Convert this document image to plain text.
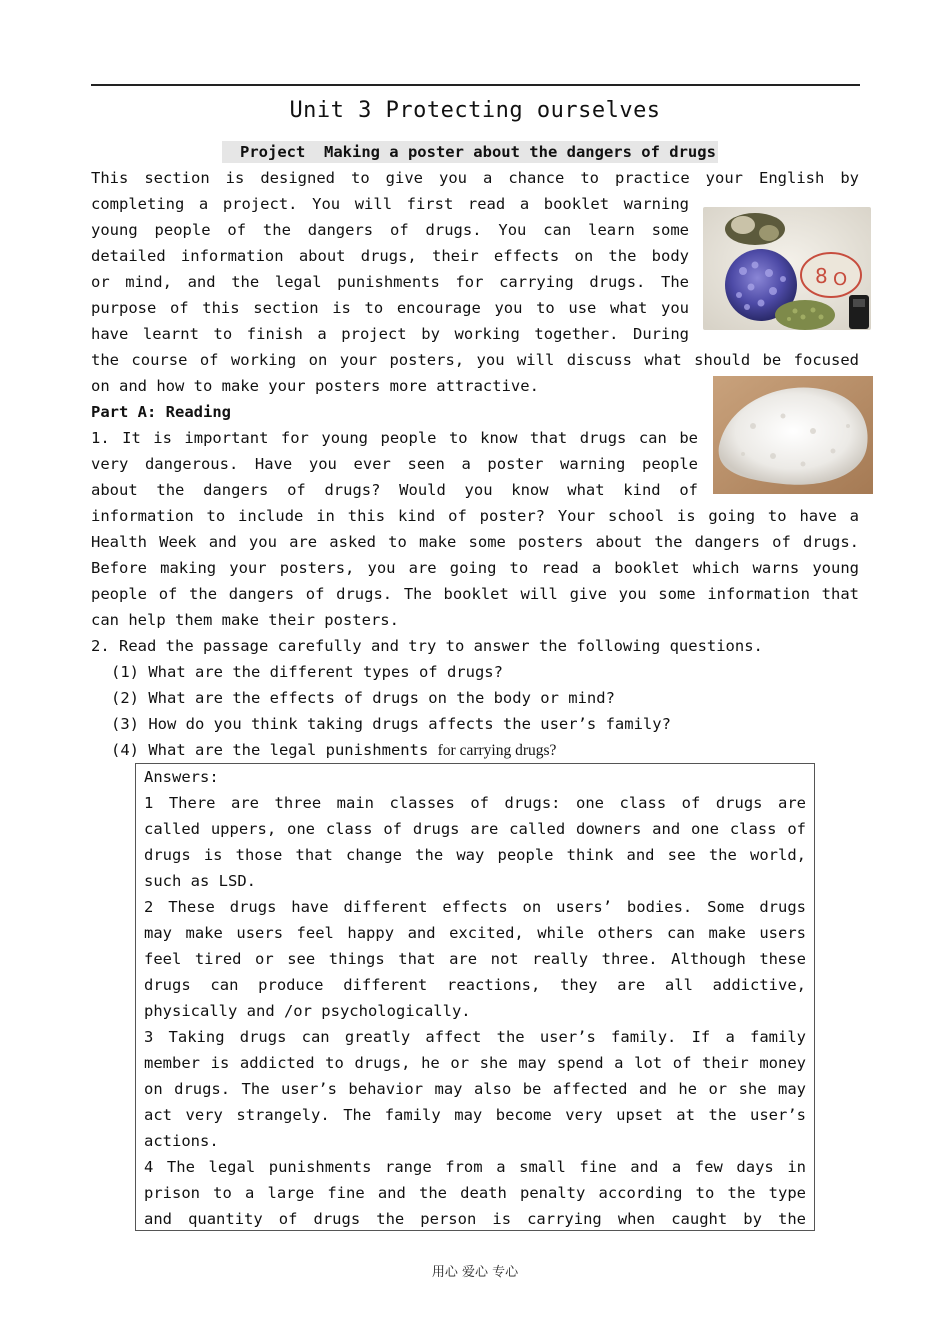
Unit 3 Protecting ourselves
Project  Making a poster about the dangers of drugs
This section is designed to give you a chance to practice your English by
completing a project. You will first read a booklet warning
young people of the dangers of drugs. You can learn some
detailed information about drugs, their effects on the body
or mind, and the legal punishments for carrying drugs. The
purpose of this section is to encourage you to use what you
have learnt to finish a project by working together. During
the course of working on your posters, you will discuss what should be focused
on and how to make your posters more attractive.
8 O
Part A: Reading
1. It is important for young people to know that drugs can be
very dangerous. Have you ever seen a poster warning people
about the dangers of drugs? Would you know what kind of
information to include in this kind of poster? Your school is going to have a
Health Week and you are asked to make some posters about the dangers of drugs.
Before making your posters, you are going to read a booklet which warns young
people of the dangers of drugs. The booklet will give you some information that
can help them make their posters.
2. Read the passage carefully and try to answer the following questions.
(1) What are the different types of drugs?
(2) What are the effects of drugs on the body or mind?
(3) How do you think taking drugs affects the user’s family?
(4) What are the legal punishments for carrying drugs?
Answers:
1 There are three main classes of drugs: one class of drugs are
called uppers, one class of drugs are called downers and one class of
drugs is those that change the way people think and see the world,
such as LSD.
2 These drugs have different effects on users’ bodies. Some drugs
may make users feel happy and excited, while others can make users
feel tired or see things that are not really three. Although these
drugs can produce different reactions, they are all addictive,
physically and /or psychologically.
3 Taking drugs can greatly affect the user’s family. If a family
member is addicted to drugs, he or she may spend a lot of their money
on drugs. The user’s behavior may also be affected and he or she may
act very strangely. The family may become very upset at the user’s
actions.
4 The legal punishments range from a small fine and a few days in
prison to a large fine and the death penalty according to the type
and quantity of drugs the person is carrying when caught by the
用心 爱心 专心
